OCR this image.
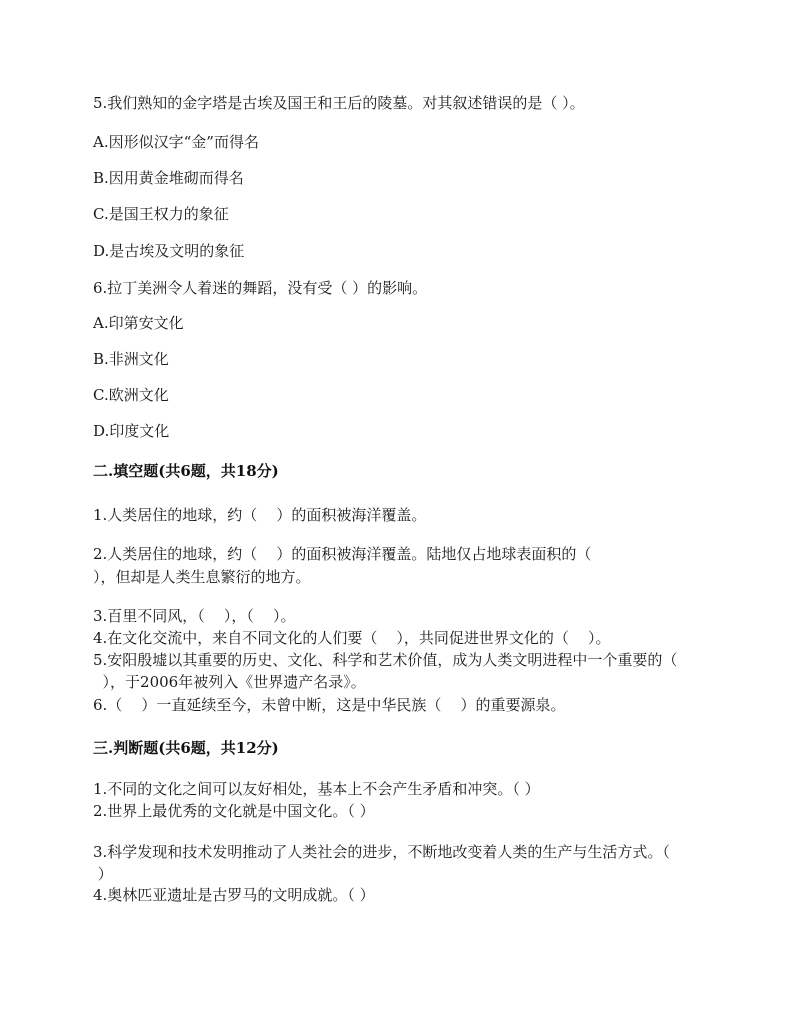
5.我们熟知的金字塔是古埃及国王和王后的陵墓。对其叙述错误的是（ ）。
A.因形似汉字“金”而得名
B.因用黄金堆砌而得名
C.是国王权力的象征
D.是古埃及文明的象征
6.拉丁美洲令人着迷的舞蹈，没有受（ ）的影响。
A.印第安文化
B.非洲文化
C.欧洲文化
D.印度文化
二.填空题(共6题，共18分)
1.人类居住的地球，约（    ）的面积被海洋覆盖。
2.人类居住的地球，约（    ）的面积被海洋覆盖。陆地仅占地球表面积的（
），但却是人类生息繁衍的地方。
3.百里不同风，（    ），（    ）。
4.在文化交流中，来自不同文化的人们要（    ），共同促进世界文化的（    ）。
5.安阳殷墟以其重要的历史、文化、科学和艺术价值，成为人类文明进程中一个重要的（
），于2006年被列入《世界遗产名录》。
6.（    ）一直延续至今，未曾中断，这是中华民族（    ）的重要源泉。
三.判断题(共6题，共12分)
1.不同的文化之间可以友好相处，基本上不会产生矛盾和冲突。（ ）
2.世界上最优秀的文化就是中国文化。（ ）
3.科学发现和技术发明推动了人类社会的进步，不断地改变着人类的生产与生活方式。（
）
4.奥林匹亚遗址是古罗马的文明成就。（ ）
